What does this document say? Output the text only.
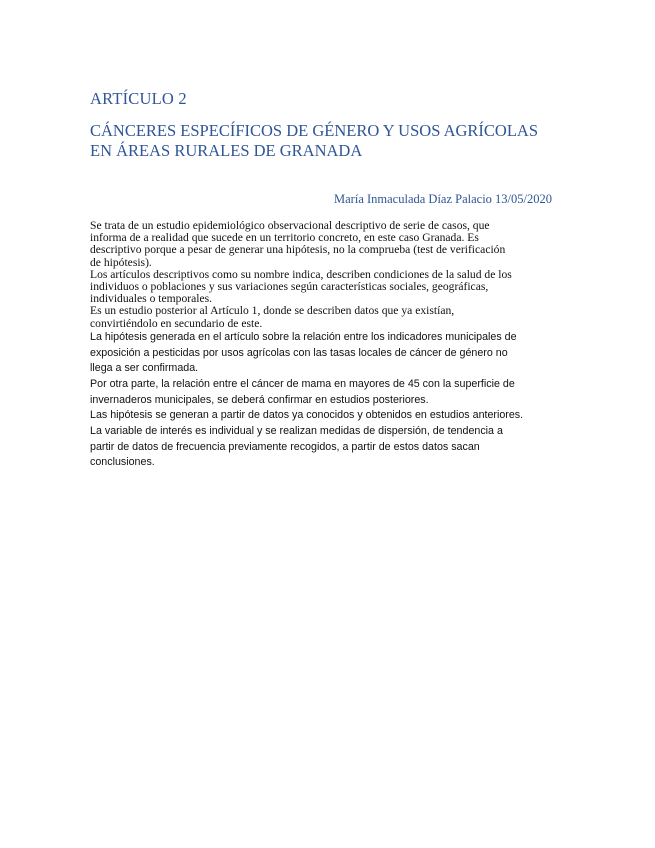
ARTÍCULO 2
CÁNCERES ESPECÍFICOS DE GÉNERO Y USOS AGRÍCOLAS
EN ÁREAS RURALES DE GRANADA
María Inmaculada Díaz Palacio 13/05/2020
Se trata de un estudio epidemiológico observacional descriptivo de serie de casos, que
informa de a realidad que sucede en un territorio concreto, en este caso Granada. Es
descriptivo porque a pesar de generar una hipótesis, no la comprueba (test de verificación
de hipótesis).
Los artículos descriptivos como su nombre indica, describen condiciones de la salud de los
individuos o poblaciones y sus variaciones según características sociales, geográficas,
individuales o temporales.
Es un estudio posterior al Artículo 1, donde se describen datos que ya existían,
convirtiéndolo en secundario de este.
La hipótesis generada en el artículo sobre la relación entre los indicadores municipales de
exposición a pesticidas por usos agrícolas con las tasas locales de cáncer de género no
llega a ser confirmada.
Por otra parte, la relación entre el cáncer de mama en mayores de 45 con la superficie de
invernaderos municipales, se deberá confirmar en estudios posteriores.
Las hipótesis se generan a partir de datos ya conocidos y obtenidos en estudios anteriores.
La variable de interés es individual y se realizan medidas de dispersión, de tendencia a
partir de datos de frecuencia previamente recogidos, a partir de estos datos sacan
conclusiones.
